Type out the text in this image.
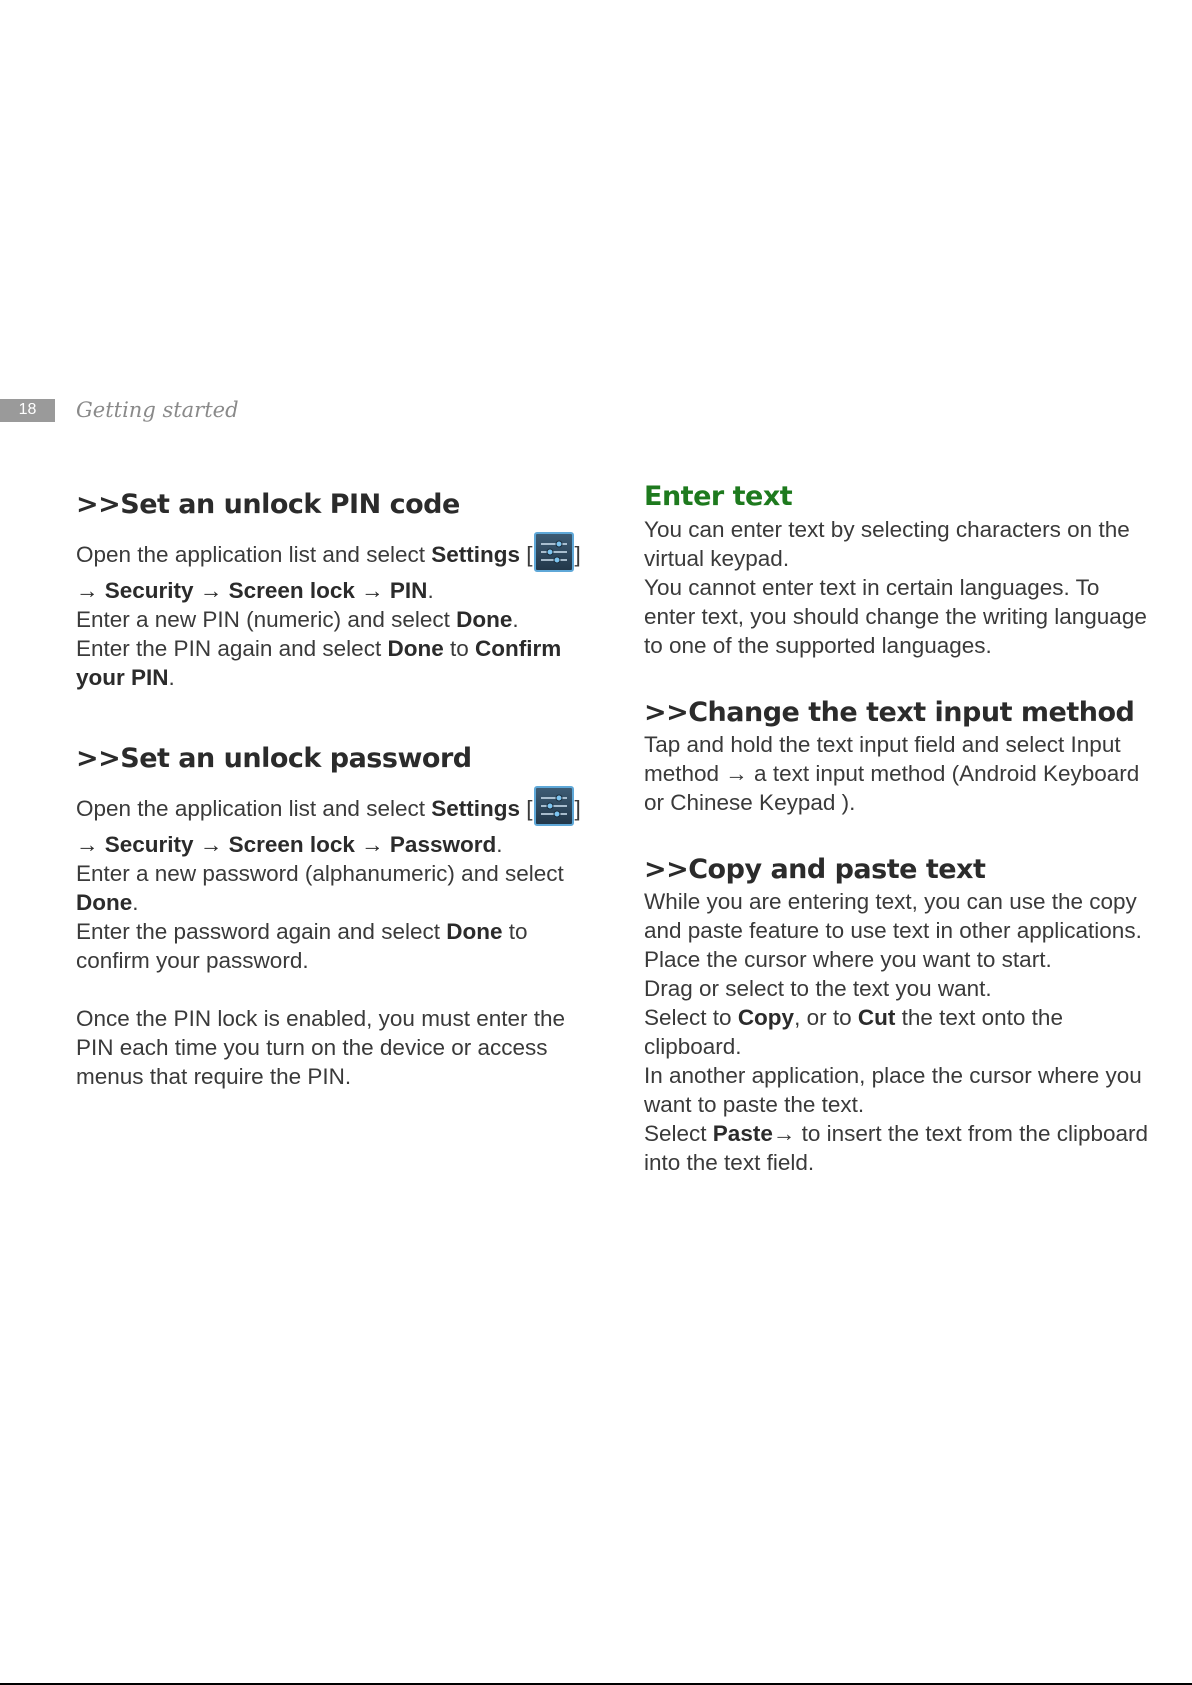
18	Getting started
>>Set an unlock PIN code

Open the application list and select Settings [ ]

→ Security → Screen lock → PIN.

Enter a new PIN (numeric) and select Done.

Enter the PIN again and select Done to Confirm your PIN.

>>Set an unlock password

Open the application list and select Settings [ ]

→ Security → Screen lock → Password.

Enter a new password (alphanumeric) and select Done.

Enter the password again and select Done to confirm your password.

Once the PIN lock is enabled, you must enter the PIN each time you turn on the device or access menus that require the PIN.

Enter text

You can enter text by selecting characters on the virtual keypad.

You cannot enter text in certain languages. To enter text, you should change the writing language to one of the supported languages.

>>Change the text input method

Tap and hold the text input field and select Input method → a text input method (Android Keyboard or Chinese Keypad ).

>>Copy and paste text

While you are entering text, you can use the copy and paste feature to use text in other applications.

Place the cursor where you want to start.

Drag or select to the text you want.

Select to Copy, or to Cut the text onto the clipboard.

In another application, place the cursor where you want to paste the text.

Select Paste→ to insert the text from the clipboard into the text field.
